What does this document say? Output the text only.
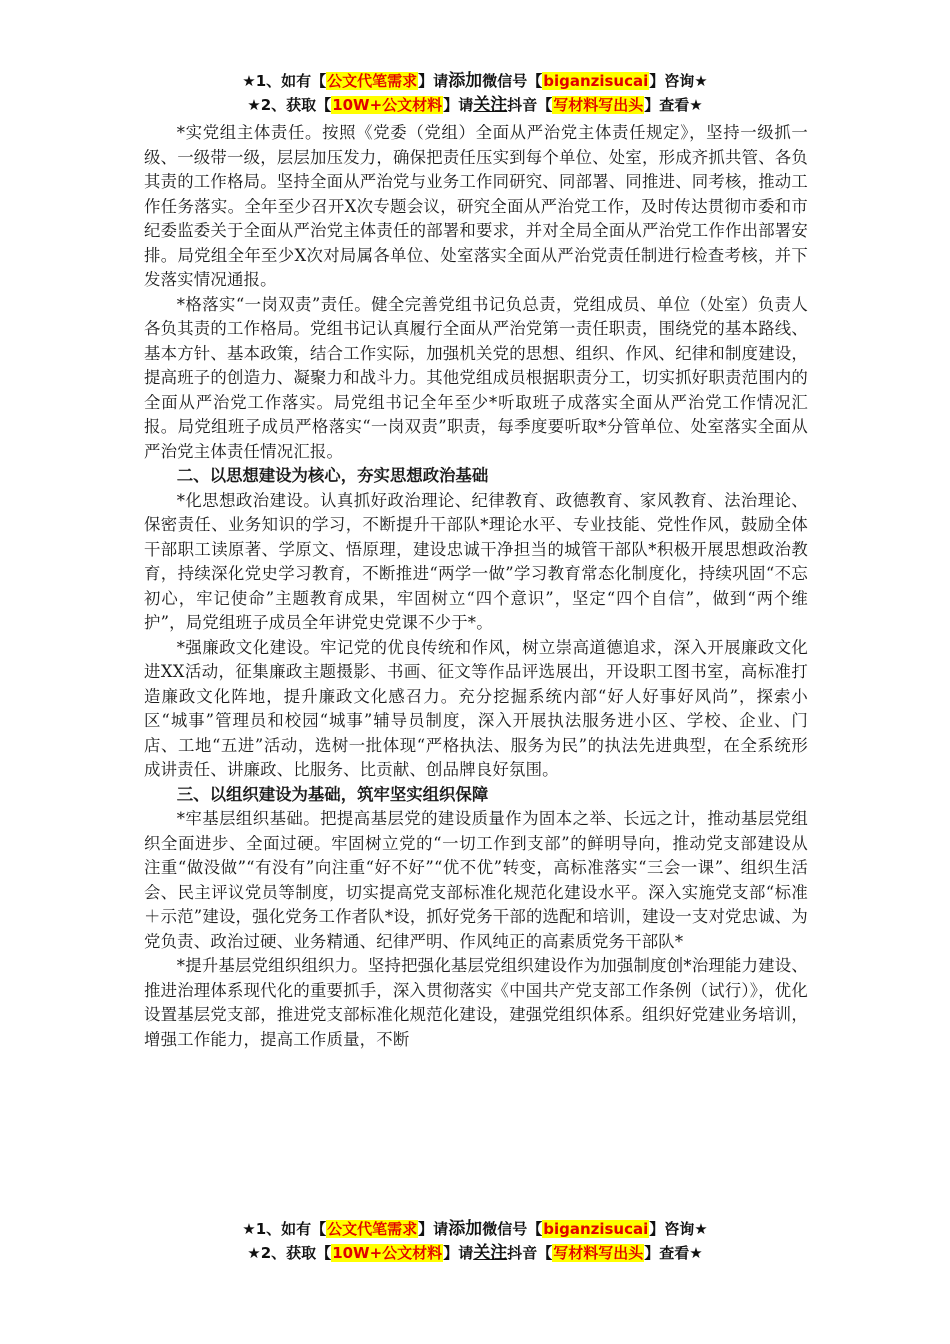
★1、如有【公文代笔需求】请添加微信号【biganzisucai】咨询★
★2、获取【10W+公文材料】请关注抖音【写材料写出头】查看★

*实党组主体责任。按照《党委（党组）全面从严治党主体责任规定》，坚持一级抓一级、一级带一级，层层加压发力，确保把责任压实到每个单位、处室，形成齐抓共管、各负其责的工作格局。坚持全面从严治党与业务工作同研究、同部署、同推进、同考核，推动工作任务落实。全年至少召开X次专题会议，研究全面从严治党工作，及时传达贯彻市委和市纪委监委关于全面从严治党主体责任的部署和要求，并对全局全面从严治党工作作出部署安排。局党组全年至少X次对局属各单位、处室落实全面从严治党责任制进行检查考核，并下发落实情况通报。

*格落实“一岗双责”责任。健全完善党组书记负总责，党组成员、单位（处室）负责人各负其责的工作格局。党组书记认真履行全面从严治党第一责任职责，围绕党的基本路线、基本方针、基本政策，结合工作实际，加强机关党的思想、组织、作风、纪律和制度建设，提高班子的创造力、凝聚力和战斗力。其他党组成员根据职责分工，切实抓好职责范围内的全面从严治党工作落实。局党组书记全年至少*听取班子成落实全面从严治党工作情况汇报。局党组班子成员严格落实“一岗双责”职责，每季度要听取*分管单位、处室落实全面从严治党主体责任情况汇报。

二、以思想建设为核心，夯实思想政治基础

*化思想政治建设。认真抓好政治理论、纪律教育、政德教育、家风教育、法治理论、保密责任、业务知识的学习，不断提升干部队*理论水平、专业技能、党性作风，鼓励全体干部职工读原著、学原文、悟原理，建设忠诚干净担当的城管干部队*积极开展思想政治教育，持续深化党史学习教育，不断推进“两学一做”学习教育常态化制度化，持续巩固“不忘初心，牢记使命”主题教育成果，牢固树立“四个意识”，坚定“四个自信”，做到“两个维护”，局党组班子成员全年讲党史党课不少于*。

*强廉政文化建设。牢记党的优良传统和作风，树立崇高道德追求，深入开展廉政文化进XX活动，征集廉政主题摄影、书画、征文等作品评选展出，开设职工图书室，高标准打造廉政文化阵地，提升廉政文化感召力。充分挖掘系统内部“好人好事好风尚”，探索小区“城事”管理员和校园“城事”辅导员制度，深入开展执法服务进小区、学校、企业、门店、工地“五进”活动，选树一批体现“严格执法、服务为民”的执法先进典型，在全系统形成讲责任、讲廉政、比服务、比贡献、创品牌良好氛围。

三、以组织建设为基础，筑牢坚实组织保障

*牢基层组织基础。把提高基层党的建设质量作为固本之举、长远之计，推动基层党组织全面进步、全面过硬。牢固树立党的“一切工作到支部”的鲜明导向，推动党支部建设从注重“做没做”“有没有”向注重“好不好”“优不优”转变，高标准落实“三会一课”、组织生活会、民主评议党员等制度，切实提高党支部标准化规范化建设水平。深入实施党支部“标准＋示范”建设，强化党务工作者队*设，抓好党务干部的选配和培训，建设一支对党忠诚、为党负责、政治过硬、业务精通、纪律严明、作风纯正的高素质党务干部队*

*提升基层党组织组织力。坚持把强化基层党组织建设作为加强制度创*治理能力建设、推进治理体系现代化的重要抓手，深入贯彻落实《中国共产党支部工作条例（试行）》，优化设置基层党支部，推进党支部标准化规范化建设，建强党组织体系。组织好党建业务培训，增强工作能力，提高工作质量，不断

★1、如有【公文代笔需求】请添加微信号【biganzisucai】咨询★
★2、获取【10W+公文材料】请关注抖音【写材料写出头】查看★
